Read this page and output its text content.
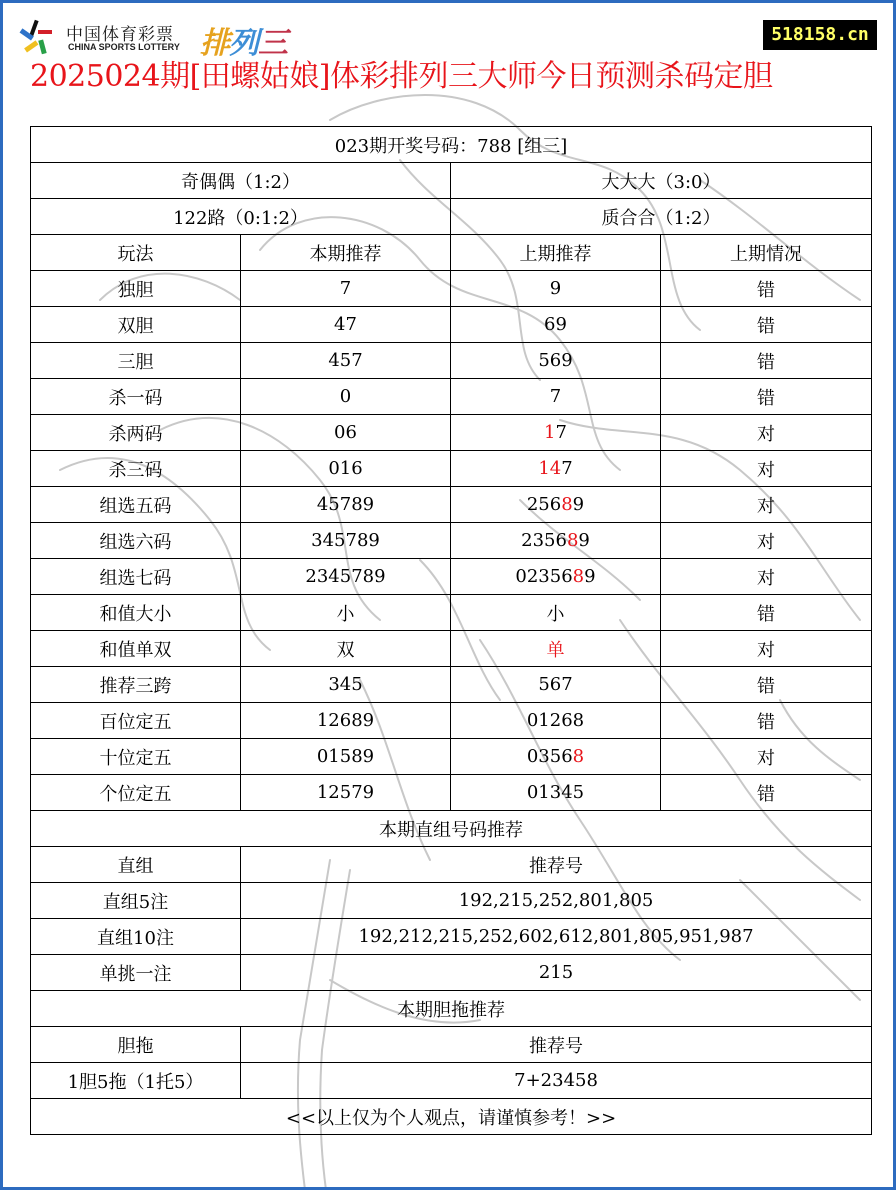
中国体育彩票
CHINA SPORTS LOTTERY 排列三	518158.cn
2025024期[田螺姑娘]体彩排列三大师今日预测杀码定胆
023期开奖号码：788 [组三]			
奇偶偶（1:2）		大大大（3:0）	
122路（0:1:2）		质合合（1:2）	
玩法	本期推荐	上期推荐	上期情况
独胆	7	9	错
双胆	47	69	错
三胆	457	569	错
杀一码	0	7	错
杀两码	06	17	对
杀三码	016	147	对
组选五码	45789	25689	对
组选六码	345789	235689	对
组选七码	2345789	0235689	对
和值大小	小	小	错
和值单双	双	单	对
推荐三跨	345	567	错
百位定五	12689	01268	错
十位定五	01589	03568	对
个位定五	12579	01345	错
本期直组号码推荐			
直组	推荐号		
直组5注	192,215,252,801,805		
直组10注	192,212,215,252,602,612,801,805,951,987		
单挑一注	215		
本期胆拖推荐			
胆拖	推荐号		
1胆5拖（1托5）	7+23458		
<<以上仅为个人观点，请谨慎参考！>>			
